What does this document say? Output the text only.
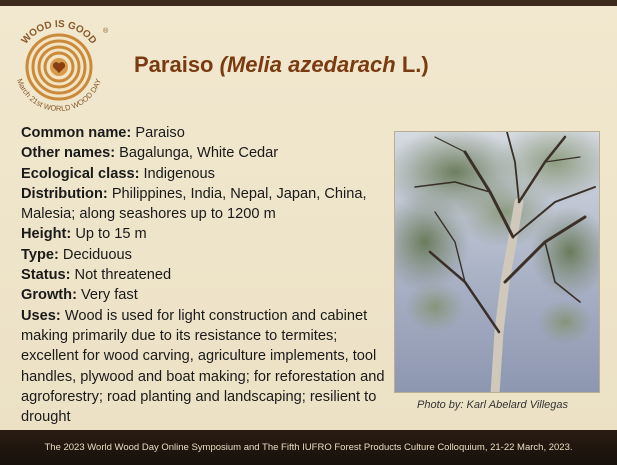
WOOD IS GOOD
March 21st WORLD WOOD DAY
®
Paraiso (Melia azedarach L.)
Common name: Paraiso
Other names: Bagalunga, White Cedar
Ecological class: Indigenous
Distribution: Philippines, India, Nepal, Japan, China, Malesia; along seashores up to 1200 m
Height: Up to 15 m
Type: Deciduous
Status: Not threatened
Growth: Very fast
Uses: Wood is used for light construction and cabinet making primarily due to its resistance to termites; excellent for wood carving, agriculture implements, tool handles, plywood and boat making; for reforestation and agroforestry; road planting and landscaping; resilient to drought
Photo by: Karl Abelard Villegas
The 2023 World Wood Day Online Symposium and The Fifth IUFRO Forest Products Culture Colloquium, 21-22 March, 2023.
